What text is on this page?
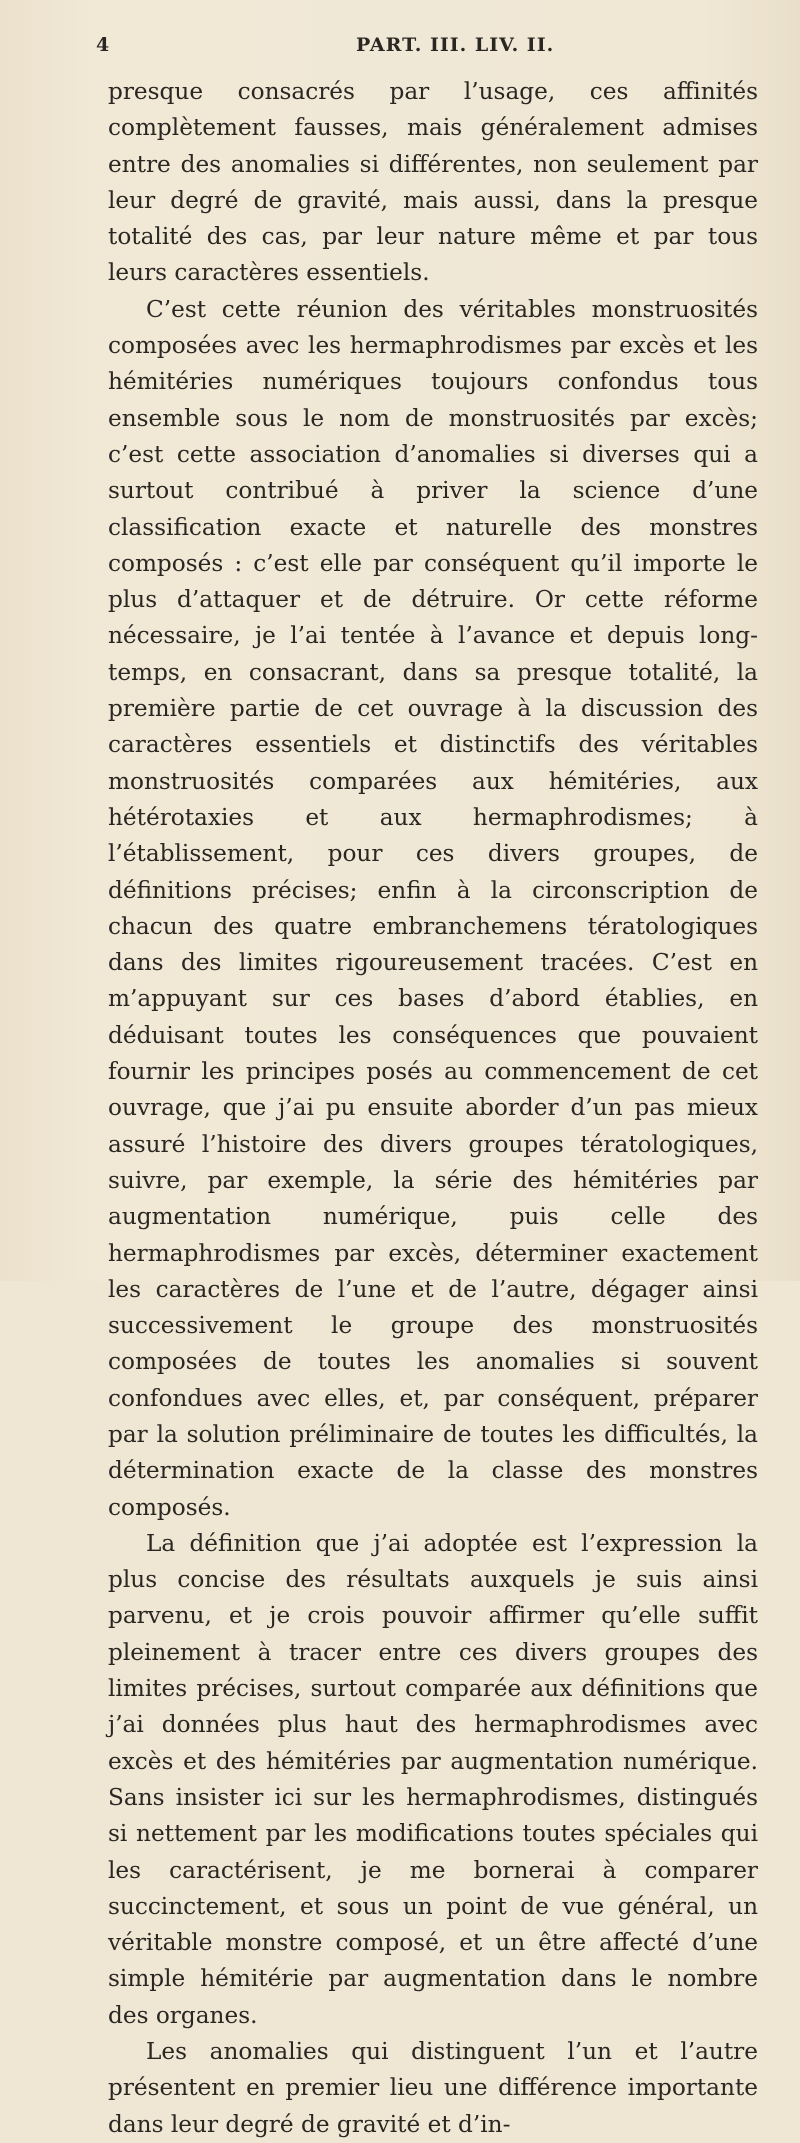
4	PART. III. LIV. II.

presque consacrés par l’usage, ces affinités complètement fausses, mais généralement admises entre des anomalies si différentes, non seulement par leur degré de gravité, mais aussi, dans la presque totalité des cas, par leur nature même et par tous leurs caractères essentiels.

C’est cette réunion des véritables monstruosités composées avec les hermaphrodismes par excès et les hémitéries numériques toujours confondus tous ensemble sous le nom de monstruosités par excès; c’est cette association d’anomalies si diverses qui a surtout contribué à priver la science d’une classification exacte et naturelle des monstres composés : c’est elle par conséquent qu’il importe le plus d’attaquer et de détruire. Or cette réforme nécessaire, je l’ai tentée à l’avance et depuis long-temps, en consacrant, dans sa presque totalité, la première partie de cet ouvrage à la discussion des caractères essentiels et distinctifs des véritables monstruosités comparées aux hémitéries, aux hétérotaxies et aux hermaphrodismes; à l’établissement, pour ces divers groupes, de définitions précises; enfin à la circonscription de chacun des quatre embranchemens tératologiques dans des limites rigoureusement tracées. C’est en m’appuyant sur ces bases d’abord établies, en déduisant toutes les conséquences que pouvaient fournir les principes posés au commencement de cet ouvrage, que j’ai pu ensuite aborder d’un pas mieux assuré l’histoire des divers groupes tératologiques, suivre, par exemple, la série des hémitéries par augmentation numérique, puis celle des hermaphrodismes par excès, déterminer exactement les caractères de l’une et de l’autre, dégager ainsi successivement le groupe des monstruosités composées de toutes les anomalies si souvent confondues avec elles, et, par conséquent, préparer par la solution préliminaire de toutes les difficultés, la détermination exacte de la classe des monstres composés.

La définition que j’ai adoptée est l’expression la plus concise des résultats auxquels je suis ainsi parvenu, et je crois pouvoir affirmer qu’elle suffit pleinement à tracer entre ces divers groupes des limites précises, surtout comparée aux définitions que j’ai données plus haut des hermaphrodismes avec excès et des hémitéries par augmentation numérique. Sans insister ici sur les hermaphrodismes, distingués si nettement par les modifications toutes spéciales qui les caractérisent, je me bornerai à comparer succinctement, et sous un point de vue général, un véritable monstre composé, et un être affecté d’une simple hémitérie par augmentation dans le nombre des organes.

Les anomalies qui distinguent l’un et l’autre présentent en premier lieu une différence importante dans leur degré de gravité et d’in-
